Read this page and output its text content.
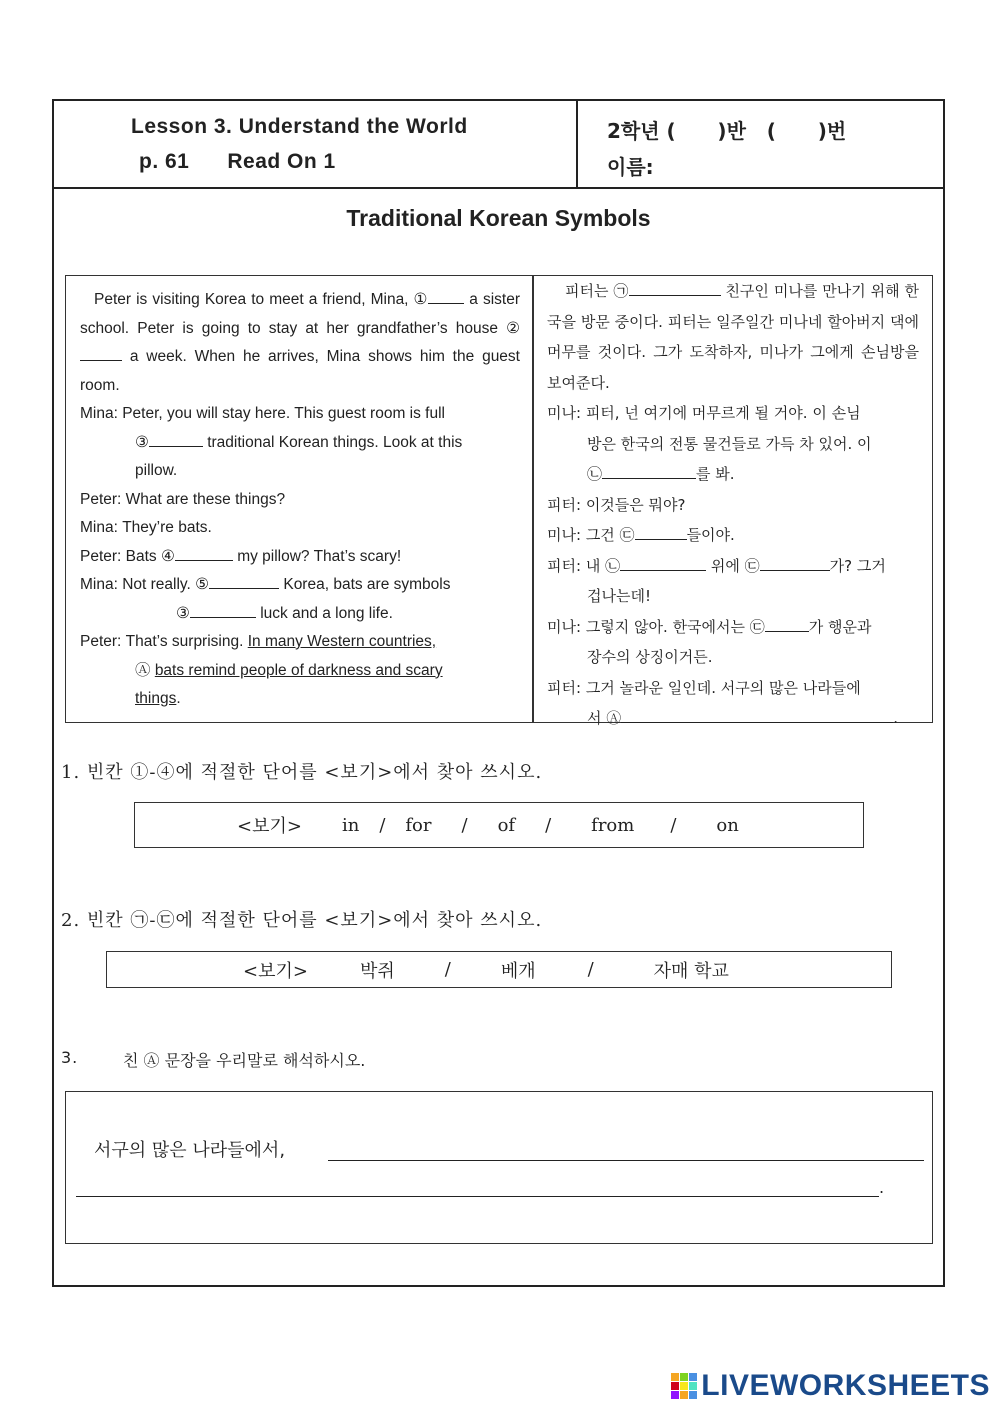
Lesson 3. Understand the World
p. 61      Read On 1
2학년 (      )반   (      )번
이름:
Traditional Korean Symbols
Peter is visiting Korea to meet a friend, Mina, ① a sister school. Peter is going to stay at her grandfather’s house ② a week. When he arrives, Mina shows him the guest room.
Mina: Peter, you will stay here. This guest room is full
③	traditional Korean things. Look at this
pillow.
Peter: What are these things?
Mina: They’re bats.
Peter: Bats ④	my pillow? That’s scary!
Mina: Not really. ⑤	Korea, bats are symbols
③	luck and a long life.
Peter: That’s surprising. In many Western countries,
Ⓐ bats remind people of darkness and scary
things.
피터는 ㉠	친구인 미나를 만나기 위해 한국을 방문 중이다. 피터는 일주일간 미나네 할아버지 댁에 머무를 것이다. 그가 도착하자, 미나가 그에게 손님방을 보여준다.
미나: 피터, 넌 여기에 머무르게 될 거야. 이 손님
방은 한국의 전통 물건들로 가득 차 있어. 이
㉡	를 봐.
피터: 이것들은 뭐야?
미나: 그건 ㉢	들이야.
피터: 내 ㉡	위에 ㉢	가? 그거
겁나는데!
미나: 그렇지 않아. 한국에서는 ㉢	가 행운과
장수의 상징이거든.
피터: 그거 놀라운 일인데. 서구의 많은 나라들에
서 Ⓐ	.
1. 빈칸 ①-④에 적절한 단어를 <보기>에서 찾아 쓰시오.
<보기> in / for / of / from / on
2. 빈칸 ㉠-㉢에 적절한 단어를 <보기>에서 찾아 쓰시오.
<보기>	박쥐	/	베개	/	자매 학교
3.	친 Ⓐ 문장을 우리말로 해석하시오.
서구의 많은 나라들에서,
.
LIVEWORKSHEETS
